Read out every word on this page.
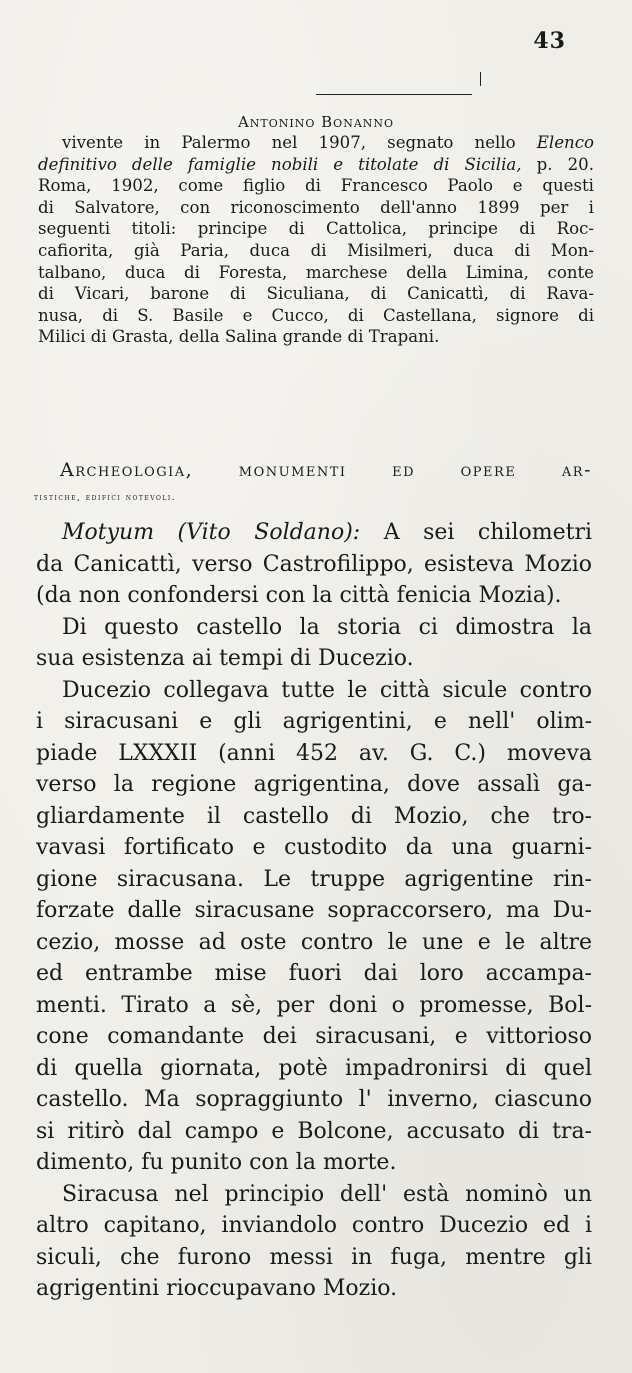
43
Antonino Bonanno
vivente in Palermo nel 1907, segnato nello Elenco
definitivo delle famiglie nobili e titolate di Sicilia, p. 20.
Roma, 1902, come figlio di Francesco Paolo e questi
di Salvatore, con riconoscimento dell'anno 1899 per i
seguenti titoli: principe di Cattolica, principe di Roc-
cafiorita, già Paria, duca di Misilmeri, duca di Mon-
talbano, duca di Foresta, marchese della Limina, conte
di Vicari, barone di Siculiana, di Canicattì, di Rava-
nusa, di S. Basile e Cucco, di Castellana, signore di
Milici di Grasta, della Salina grande di Trapani.
Archeologia, monumenti ed opere ar-
tistiche, edifici notevoli.
Motyum (Vito Soldano): A sei chilometri
da Canicattì, verso Castrofilippo, esisteva Mozio
(da non confondersi con la città fenicia Mozia).
Di questo castello la storia ci dimostra la
sua esistenza ai tempi di Ducezio.
Ducezio collegava tutte le città sicule contro
i siracusani e gli agrigentini, e nell' olim-
piade LXXXII (anni 452 av. G. C.) moveva
verso la regione agrigentina, dove assalì ga-
gliardamente il castello di Mozio, che tro-
vavasi fortificato e custodito da una guarni-
gione siracusana. Le truppe agrigentine rin-
forzate dalle siracusane sopraccorsero, ma Du-
cezio, mosse ad oste contro le une e le altre
ed entrambe mise fuori dai loro accampa-
menti. Tirato a sè, per doni o promesse, Bol-
cone comandante dei siracusani, e vittorioso
di quella giornata, potè impadronirsi di quel
castello. Ma sopraggiunto l' inverno, ciascuno
si ritirò dal campo e Bolcone, accusato di tra-
dimento, fu punito con la morte.
Siracusa nel principio dell' està nominò un
altro capitano, inviandolo contro Ducezio ed i
siculi, che furono messi in fuga, mentre gli
agrigentini rioccupavano Mozio.
